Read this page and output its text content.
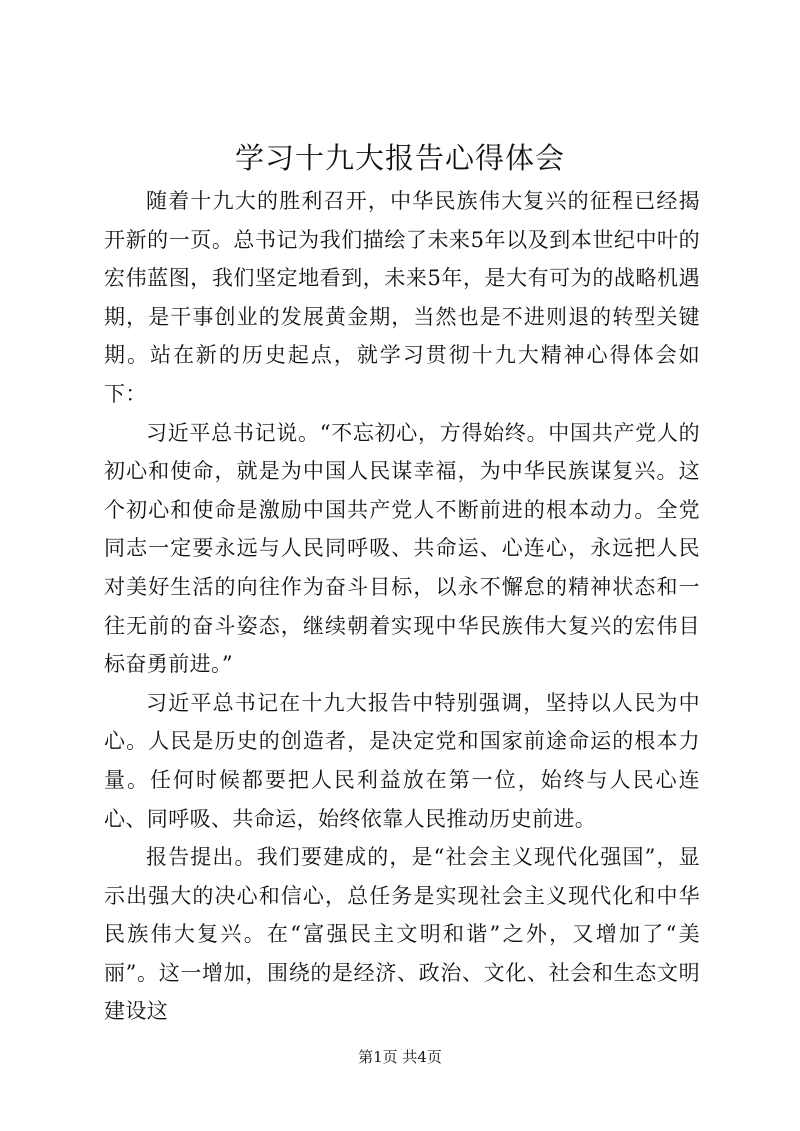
学习十九大报告心得体会

随着十九大的胜利召开，中华民族伟大复兴的征程已经揭开新的一页。总书记为我们描绘了未来5年以及到本世纪中叶的宏伟蓝图，我们坚定地看到，未来5年，是大有可为的战略机遇期，是干事创业的发展黄金期，当然也是不进则退的转型关键期。站在新的历史起点，就学习贯彻十九大精神心得体会如下：

习近平总书记说。“不忘初心，方得始终。中国共产党人的初心和使命，就是为中国人民谋幸福，为中华民族谋复兴。这个初心和使命是激励中国共产党人不断前进的根本动力。全党同志一定要永远与人民同呼吸、共命运、心连心，永远把人民对美好生活的向往作为奋斗目标，以永不懈怠的精神状态和一往无前的奋斗姿态，继续朝着实现中华民族伟大复兴的宏伟目标奋勇前进。”

习近平总书记在十九大报告中特别强调，坚持以人民为中心。人民是历史的创造者，是决定党和国家前途命运的根本力量。任何时候都要把人民利益放在第一位，始终与人民心连心、同呼吸、共命运，始终依靠人民推动历史前进。

报告提出。我们要建成的，是“社会主义现代化强国”，显示出强大的决心和信心，总任务是实现社会主义现代化和中华民族伟大复兴。在“富强民主文明和谐”之外，又增加了“美丽”。这一增加，围绕的是经济、政治、文化、社会和生态文明建设这

第1页 共4页
